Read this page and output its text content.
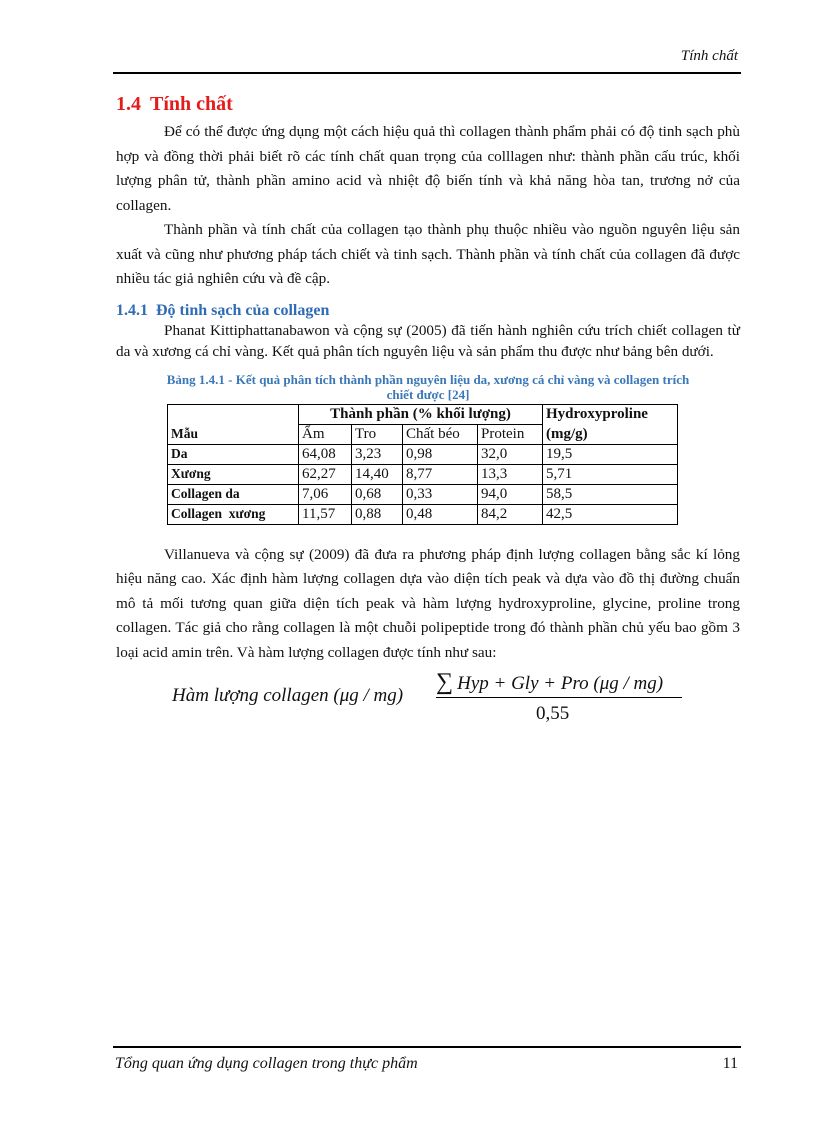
Tính chất
1.4 Tính chất

Để có thể được ứng dụng một cách hiệu quả thì collagen thành phẩm phải có độ tinh sạch phù hợp và đồng thời phải biết rõ các tính chất quan trọng của colllagen như: thành phần cấu trúc, khối lượng phân tử, thành phần amino acid và nhiệt độ biến tính và khả năng hòa tan, trương nở của collagen.

Thành phần và tính chất của collagen tạo thành phụ thuộc nhiều vào nguồn nguyên liệu sản xuất và cũng như phương pháp tách chiết và tinh sạch. Thành phần và tính chất của collagen đã được nhiều tác giả nghiên cứu và đề cập.

1.4.1 Độ tinh sạch của collagen

Phanat Kittiphattanabawon và cộng sự (2005) đã tiến hành nghiên cứu trích chiết collagen từ da và xương cá chỉ vàng. Kết quả phân tích nguyên liệu và sản phẩm thu được như bảng bên dưới.

Bảng 1.4.1 - Kết quả phân tích thành phần nguyên liệu da, xương cá chỉ vàng và collagen trích chiết được [24]
	Thành phần (% khối lượng)				Hydroxyproline
Mẫu	Ẩm	Tro	Chất béo	Protein	(mg/g)
Da	64,08	3,23	0,98	32,0	19,5
Xương	62,27	14,40	8,77	13,3	5,71
Collagen da	7,06	0,68	0,33	94,0	58,5
Collagen  xương	11,57	0,88	0,48	84,2	42,5

Villanueva và cộng sự (2009) đã đưa ra phương pháp định lượng collagen bằng sắc kí lỏng hiệu năng cao. Xác định hàm lượng collagen dựa vào diện tích peak và dựa vào đồ thị đường chuẩn mô tả mối tương quan giữa diện tích peak và hàm lượng hydroxyproline, glycine, proline trong collagen. Tác giả cho rằng collagen là một chuỗi polipeptide trong đó thành phần chủ yếu bao gồm 3 loại acid amin trên. Và hàm lượng collagen được tính như sau:

Hàm lượng collagen (μg / mg)
∑ Hyp + Gly + Pro (μg / mg)
0,55
Tổng quan ứng dụng collagen trong thực phẩm	11
